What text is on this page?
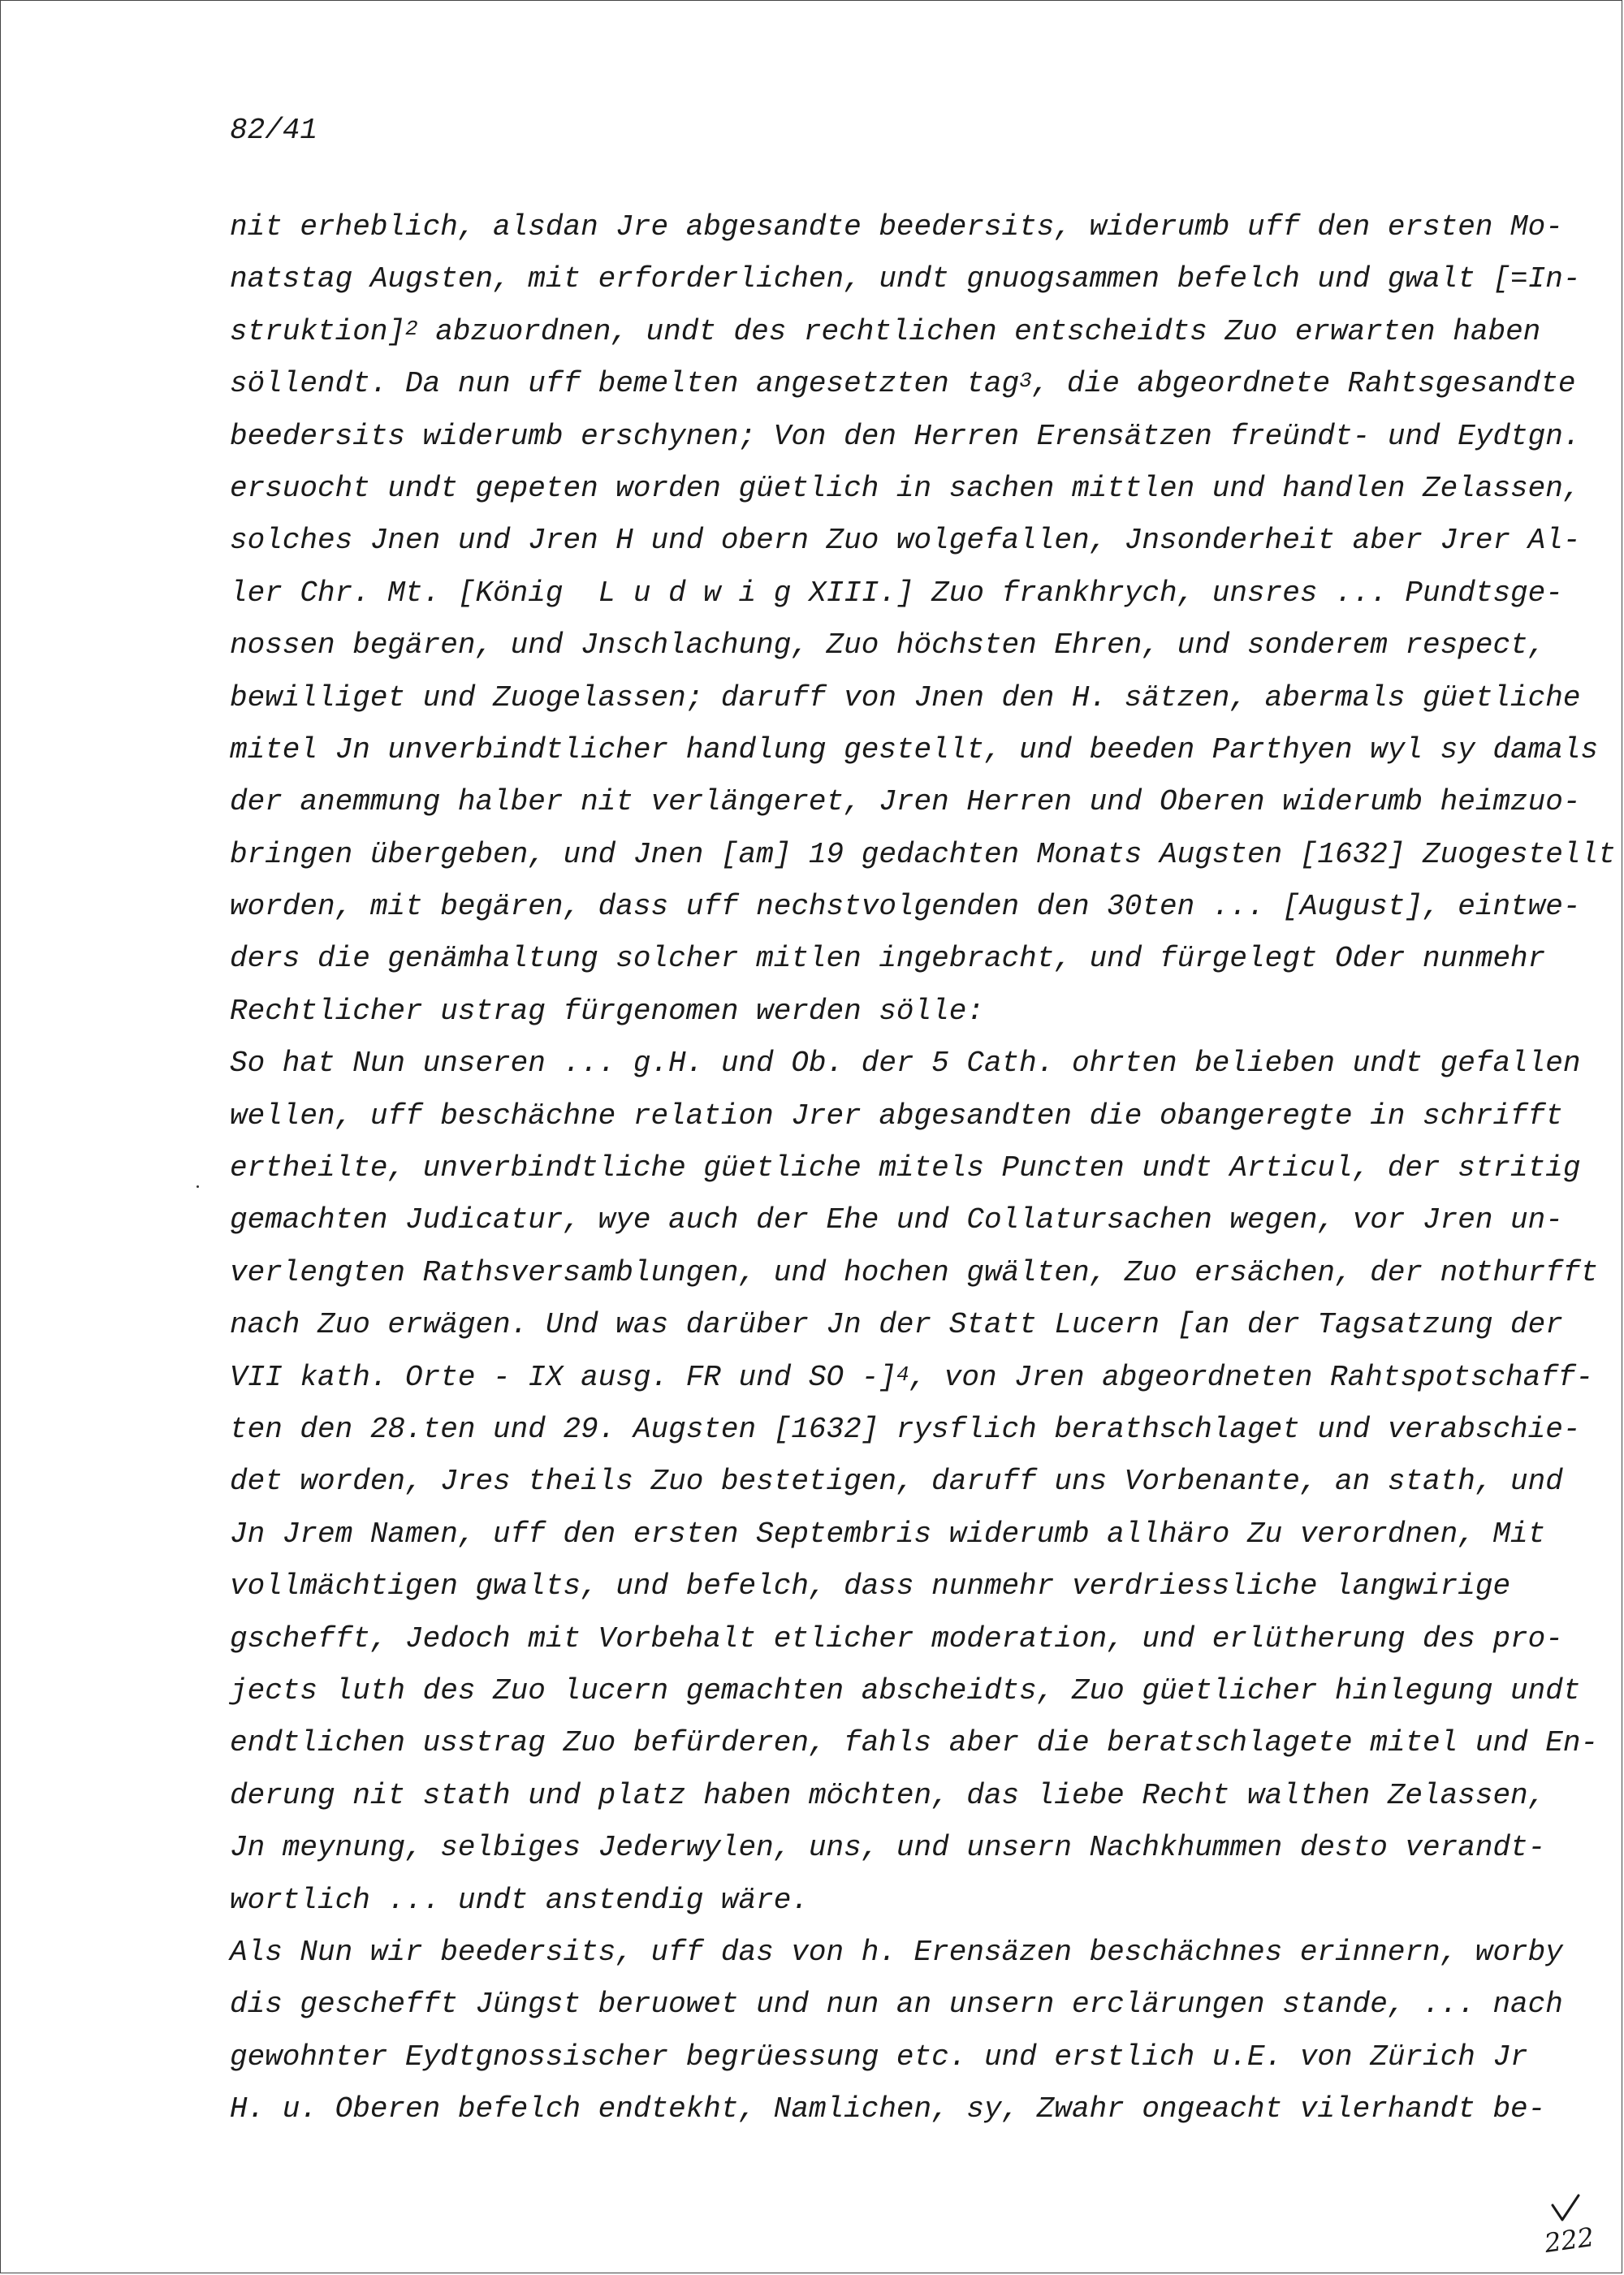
82/41
nit erheblich, alsdan Jre abgesandte beedersits, widerumb uff den ersten Mo-
natstag Augsten, mit erforderlichen, undt gnuogsammen befelch und gwalt [=In-
struktion]$^2$ abzuordnen, undt des rechtlichen entscheidts Zuo erwarten haben
söllendt. Da nun uff bemelten angesetzten tag$^3$, die abgeordnete Rahtsgesandte
beedersits widerumb erschynen; Von den Herren Erensätzen freündt- und Eydtgn.
ersuocht undt gepeten worden güetlich in sachen mittlen und handlen Zelassen,
solches Jnen und Jren H und obern Zuo wolgefallen, Jnsonderheit aber Jrer Al-
ler Chr. Mt. [König  L u d w i g XIII.] Zuo frankhrych, unsres ... Pundtsge-
nossen begären, und Jnschlachung, Zuo höchsten Ehren, und sonderem respect,
bewilliget und Zuogelassen; daruff von Jnen den H. sätzen, abermals güetliche
mitel Jn unverbindtlicher handlung gestellt, und beeden Parthyen wyl sy damals
der anemmung halber nit verlängeret, Jren Herren und Oberen widerumb heimzuo-
bringen übergeben, und Jnen [am] 19 gedachten Monats Augsten [1632] Zuogestellt
worden, mit begären, dass uff nechstvolgenden den 30ten ... [August], eintwe-
ders die genämhaltung solcher mitlen ingebracht, und fürgelegt Oder nunmehr
Rechtlicher ustrag fürgenomen werden sölle:
So hat Nun unseren ... g.H. und Ob. der 5 Cath. ohrten belieben undt gefallen
wellen, uff beschächne relation Jrer abgesandten die obangeregte in schrifft
ertheilte, unverbindtliche güetliche mitels Puncten undt Articul, der stritig
gemachten Judicatur, wye auch der Ehe und Collatursachen wegen, vor Jren un-
verlengten Rathsversamblungen, und hochen gwälten, Zuo ersächen, der nothurfft
nach Zuo erwägen. Und was darüber Jn der Statt Lucern [an der Tagsatzung der
VII kath. Orte - IX ausg. FR und SO -]$^4$, von Jren abgeordneten Rahtspotschaff-
ten den 28.ten und 29. Augsten [1632] rysflich berathschlaget und verabschie-
det worden, Jres theils Zuo bestetigen, daruff uns Vorbenante, an stath, und
Jn Jrem Namen, uff den ersten Septembris widerumb allhäro Zu verordnen, Mit
vollmächtigen gwalts, und befelch, dass nunmehr verdriessliche langwirige
gschefft, Jedoch mit Vorbehalt etlicher moderation, und erlütherung des pro-
jects luth des Zuo lucern gemachten abscheidts, Zuo güetlicher hinlegung undt
endtlichen usstrag Zuo befürderen, fahls aber die beratschlagete mitel und En-
derung nit stath und platz haben möchten, das liebe Recht walthen Zelassen,
Jn meynung, selbiges Jederwylen, uns, und unsern Nachkhummen desto verandt-
wortlich ... undt anstendig wäre.
Als Nun wir beedersits, uff das von h. Erensäzen beschächnes erinnern, worby
dis geschefft Jüngst beruowet und nun an unsern erclärungen stande, ... nach
gewohnter Eydtgnossischer begrüessung etc. und erstlich u.E. von Zürich Jr
H. u. Oberen befelch endtekht, Namlichen, sy, Zwahr ongeacht vilerhandt be-
222
